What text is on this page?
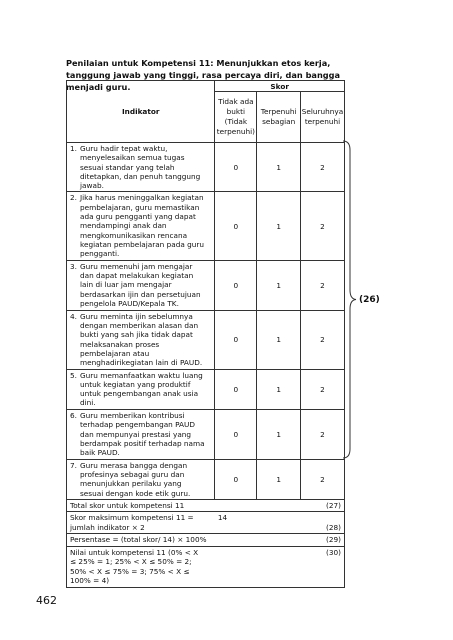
Penilaian untuk Kompetensi 11: Menunjukkan etos kerja, tanggung jawab yang tinggi, rasa percaya diri, dan bangga menjadi guru.
Indikator	Skor		
	Tidak ada bukti (Tidak terpenuhi)	Terpenuhi sebagian	Seluruhnya terpenuhi
1. Guru hadir tepat waktu, menyelesaikan semua tugas sesuai standar yang telah ditetapkan, dan penuh tanggung jawab.	0	1	2
2. Jika harus meninggalkan kegiatan pembelajaran, guru memastikan ada guru pengganti yang dapat mendampingi anak dan mengkomunikasikan rencana kegiatan pembelajaran pada guru pengganti.	0	1	2
3. Guru memenuhi jam mengajar dan dapat melakukan kegiatan lain di luar jam mengajar berdasarkan ijin dan persetujuan pengelola PAUD/Kepala TK.	0	1	2
4. Guru meminta ijin sebelumnya dengan memberikan alasan dan bukti yang sah jika tidak dapat melaksanakan proses pembelajaran atau menghadirikegiatan lain di PAUD.	0	1	2
5. Guru memanfaatkan waktu luang untuk kegiatan yang produktif untuk pengembangan anak usia dini.	0	1	2
6. Guru memberikan kontribusi terhadap pengembangan PAUD dan mempunyai prestasi yang berdampak positif terhadap nama baik PAUD.	0	1	2
7. Guru merasa bangga dengan profesinya sebagai guru dan menunjukkan perilaku yang sesuai dengan kode etik guru.	0	1	2
Total skor untuk kompetensi 11			(27)
Skor maksimum kompetensi 11 = jumlah indikator × 2	14		(28)
Persentase = (total skor/ 14) × 100%			(29)
Nilai untuk kompetensi 11 (0% < X ≤ 25% = 1; 25% < X ≤ 50% = 2; 50% < X ≤ 75% = 3; 75% < X ≤ 100% = 4)			(30)
(26)
462
